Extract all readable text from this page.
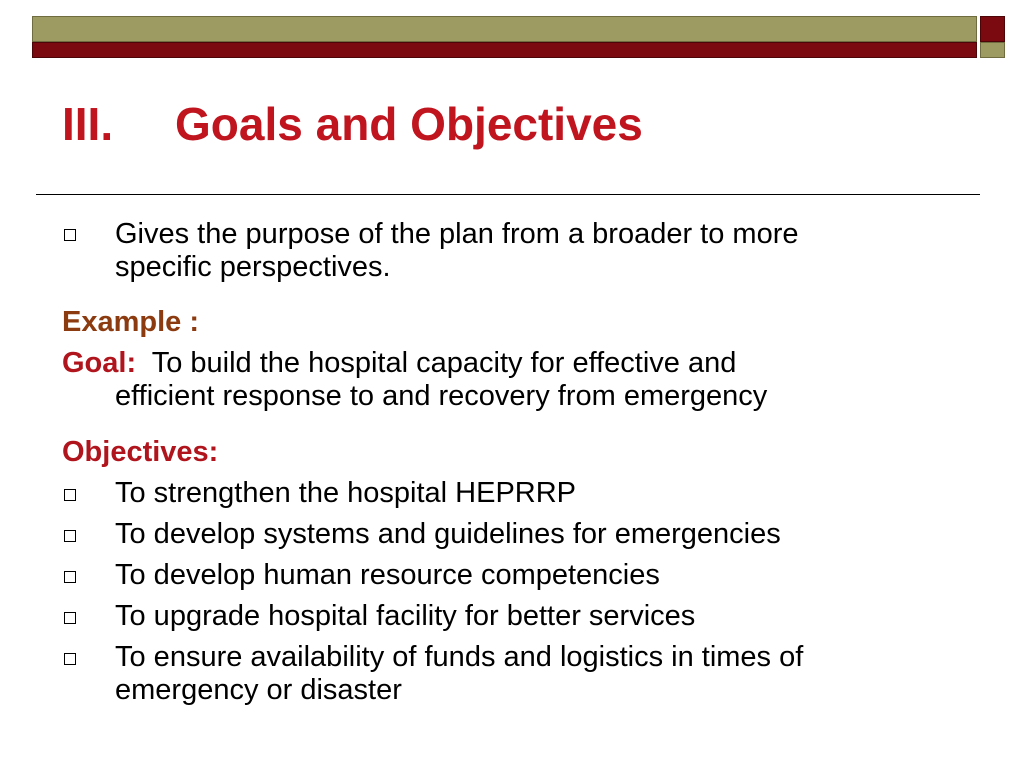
III. Goals and Objectives
Gives the purpose of the plan from a broader to more
specific perspectives.
Example :
Goal: To build the hospital capacity for effective and
efficient response to and recovery from emergency
Objectives:
To strengthen the hospital HEPRRP
To develop systems and guidelines for emergencies
To develop human resource competencies
To upgrade hospital facility for better services
To ensure availability of funds and logistics in times of
emergency or disaster
